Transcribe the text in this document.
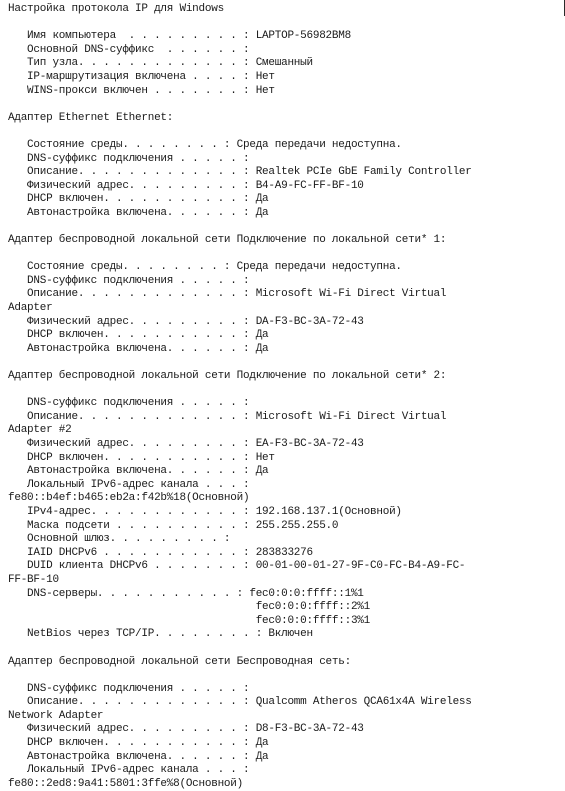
Настройка протокола IP для Windows
Имя компьютера  . . . . . . . . . : LAPTOP-56982BM8
Основной DNS-суффикс  . . . . . . :
Тип узла. . . . . . . . . . . . . : Смешанный
IP-маршрутизация включена . . . . : Нет
WINS-прокси включен . . . . . . . : Нет
Адаптер Ethernet Ethernet:
Состояние среды. . . . . . . . : Среда передачи недоступна.
DNS-суффикс подключения . . . . . :
Описание. . . . . . . . . . . . . : Realtek PCIe GbE Family Controller
Физический адрес. . . . . . . . . : B4-A9-FC-FF-BF-10
DHCP включен. . . . . . . . . . . : Да
Автонастройка включена. . . . . . : Да
Адаптер беспроводной локальной сети Подключение по локальной сети* 1:
Состояние среды. . . . . . . . : Среда передачи недоступна.
DNS-суффикс подключения . . . . . :
Описание. . . . . . . . . . . . . : Microsoft Wi-Fi Direct Virtual
Adapter
Физический адрес. . . . . . . . . : DA-F3-BC-3A-72-43
DHCP включен. . . . . . . . . . . : Да
Автонастройка включена. . . . . . : Да
Адаптер беспроводной локальной сети Подключение по локальной сети* 2:
DNS-суффикс подключения . . . . . :
Описание. . . . . . . . . . . . . : Microsoft Wi-Fi Direct Virtual
Adapter #2
Физический адрес. . . . . . . . . : EA-F3-BC-3A-72-43
DHCP включен. . . . . . . . . . . : Нет
Автонастройка включена. . . . . . : Да
Локальный IPv6-адрес канала . . . :
fe80::b4ef:b465:eb2a:f42b%18(Основной)
IPv4-адрес. . . . . . . . . . . . : 192.168.137.1(Основной)
Маска подсети . . . . . . . . . . : 255.255.255.0
Основной шлюз. . . . . . . . . :
IAID DHCPv6 . . . . . . . . . . . : 283833276
DUID клиента DHCPv6 . . . . . . . : 00-01-00-01-27-9F-C0-FC-B4-A9-FC-
FF-BF-10
DNS-серверы. . . . . . . . . . . : fec0:0:0:ffff::1%1
fec0:0:0:ffff::2%1
fec0:0:0:ffff::3%1
NetBios через TCP/IP. . . . . . . . : Включен
Адаптер беспроводной локальной сети Беспроводная сеть:
DNS-суффикс подключения . . . . . :
Описание. . . . . . . . . . . . . : Qualcomm Atheros QCA61x4A Wireless
Network Adapter
Физический адрес. . . . . . . . . : D8-F3-BC-3A-72-43
DHCP включен. . . . . . . . . . . : Да
Автонастройка включена. . . . . . : Да
Локальный IPv6-адрес канала . . . :
fe80::2ed8:9a41:5801:3ffe%8(Основной)
